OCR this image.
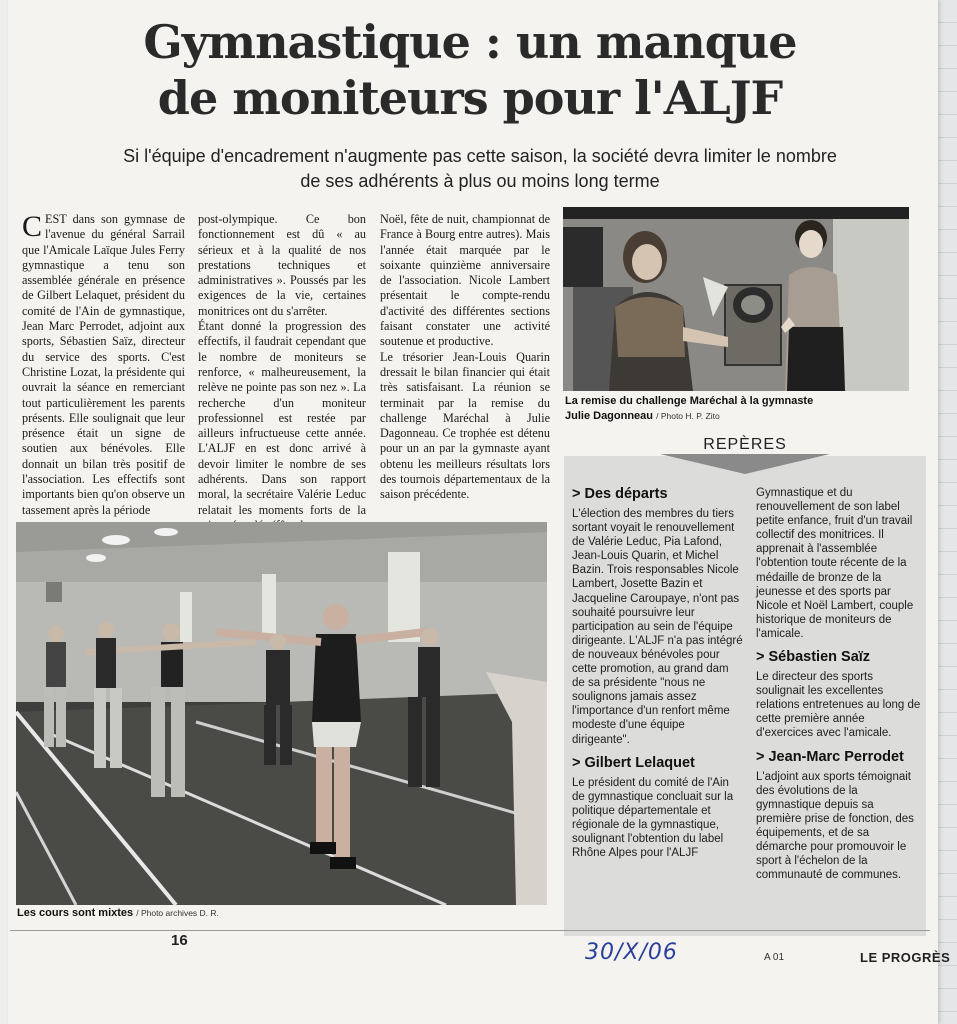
Gymnastique : un manque
de moniteurs pour l'ALJF
Si l'équipe d'encadrement n'augmente pas cette saison, la société devra limiter le nombre
de ses adhérents à plus ou moins long terme

CEST dans son gymnase de l'avenue du général Sarrail que l'Amicale Laïque Jules Ferry gymnastique a tenu son assemblée générale en présence de Gilbert Lelaquet, président du comité de l'Ain de gymnastique, Jean Marc Perrodet, adjoint aux sports, Sébastien Saïz, directeur du service des sports. C'est Christine Lozat, la présidente qui ouvrait la séance en remerciant tout particulièrement les parents présents. Elle soulignait que leur présence était un signe de soutien aux bénévoles. Elle donnait un bilan très positif de l'association. Les effectifs sont importants bien qu'on observe un tassement après la période

post-olympique. Ce bon fonctionnement est dû « au sérieux et à la qualité de nos prestations techniques et administratives ». Poussés par les exigences de la vie, certaines monitrices ont du s'arrêter.

Étant donné la progression des effectifs, il faudrait cependant que le nombre de moniteurs se renforce, « malheureusement, la relève ne pointe pas son nez ». La recherche d'un moniteur professionnel est restée par ailleurs infructueuse cette année. L'ALJF en est donc arrivé à devoir limiter le nombre de ses adhérents. Dans son rapport moral, la secrétaire Valérie Leduc relatait les moments forts de la

Noël, fête de nuit, championnat de France à Bourg entre autres). Mais l'année était marquée par le soixante quinzième anniversaire de l'association. Nicole Lambert présentait le compte-rendu d'activité des différentes sections faisant constater une activité soutenue et productive.

Le trésorier Jean-Louis Quarin dressait le bilan financier qui était très satisfaisant. La réunion se terminait par la remise du challenge Maréchal à Julie Dagonneau. Ce trophée est détenu pour un an par la gymnaste ayant obtenu les meilleurs résultats lors des tournois départementaux de la saison précédente.

La remise du challenge Maréchal à la gymnaste
Julie Dagonneau / Photo H. P. Zito
Les cours sont mixtes / Photo archives D. R.
REPÈRES
> Des départs

L'élection des membres du tiers sortant voyait le renouvellement de Valérie Leduc, Pia Lafond, Jean-Louis Quarin, et Michel Bazin. Trois responsables Nicole Lambert, Josette Bazin et Jacqueline Caroupaye, n'ont pas souhaité poursuivre leur participation au sein de l'équipe dirigeante. L'ALJF n'a pas intégré de nouveaux bénévoles pour cette promotion, au grand dam de sa présidente "nous ne soulignons jamais assez l'importance d'un renfort même modeste d'une équipe dirigeante".

> Gilbert Lelaquet

Le président du comité de l'Ain de gymnastique concluait sur la politique départementale et régionale de la gymnastique, soulignant l'obtention du label Rhône Alpes pour l'ALJF

Gymnastique et du renouvellement de son label petite enfance, fruit d'un travail collectif des monitrices. Il apprenait à l'assemblée l'obtention toute récente de la médaille de bronze de la jeunesse et des sports par Nicole et Noël Lambert, couple historique de moniteurs de l'amicale.

> Sébastien Saïz

Le directeur des sports soulignait les excellentes relations entretenues au long de cette première année d'exercices avec l'amicale.

> Jean-Marc Perrodet

L'adjoint aux sports témoignait des évolutions de la gymnastique depuis sa première prise de fonction, des équipements, et de sa démarche pour promouvoir le sport à l'échelon de la communauté de communes.

16	30/X/06	A 01	LE PROGRÈS
